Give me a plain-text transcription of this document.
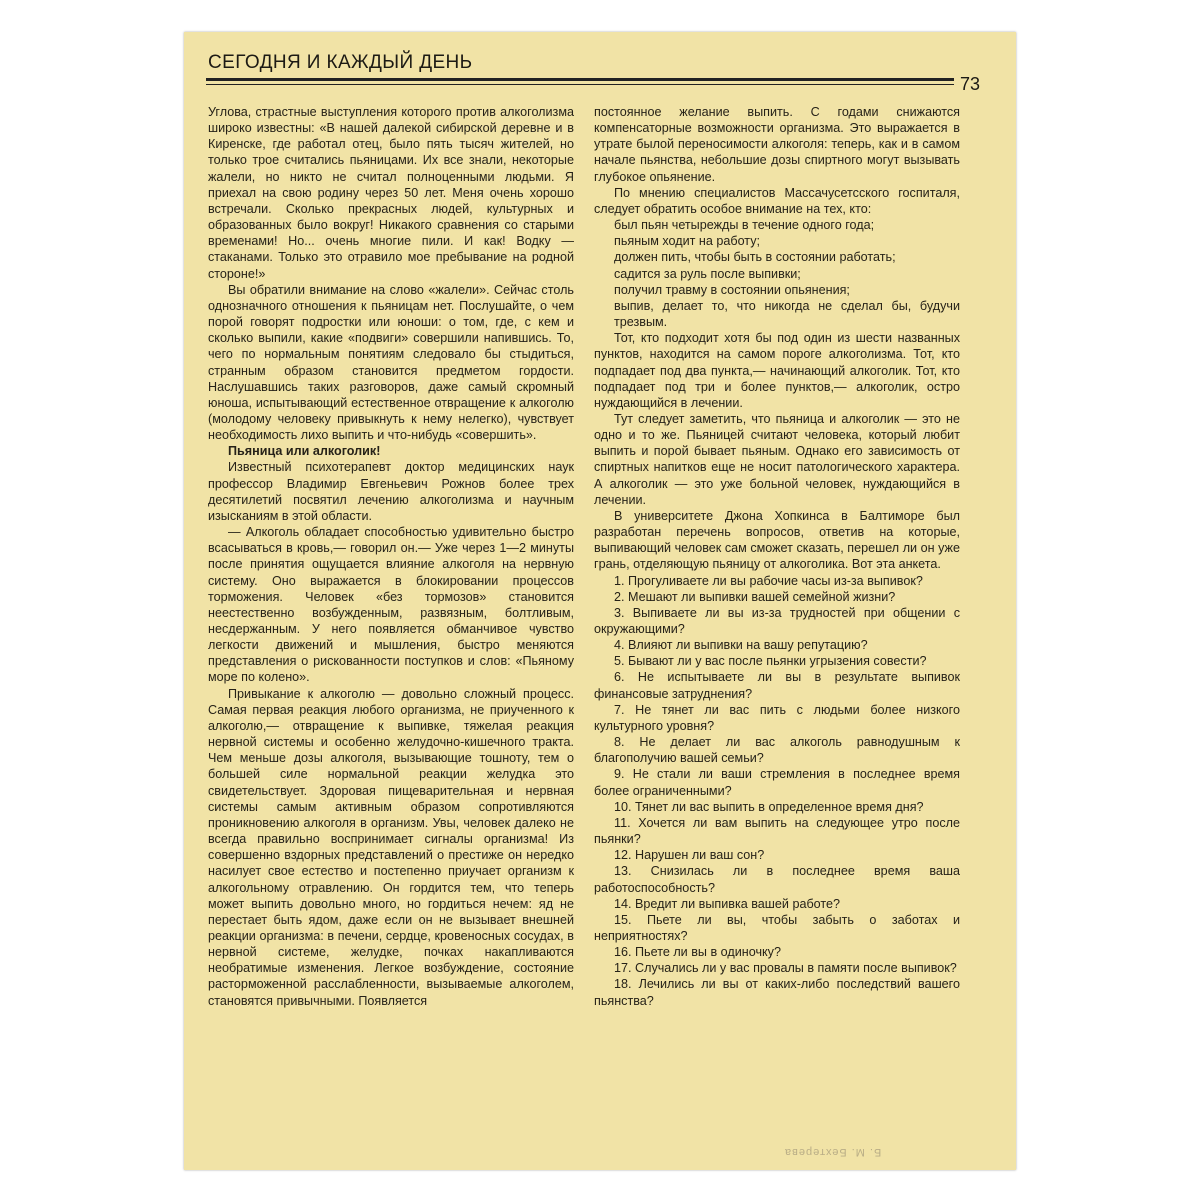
СЕГОДНЯ И КАЖДЫЙ ДЕНЬ
73

Углова, страстные выступления которого против алкоголизма широко известны: «В нашей далекой сибирской деревне и в Киренске, где работал отец, было пять тысяч жителей, но только трое считались пьяницами. Их все знали, некоторые жалели, но никто не считал полноценными людьми. Я приехал на свою родину через 50 лет. Меня очень хорошо встречали. Сколько прекрасных людей, культурных и образованных было вокруг! Никакого сравнения со старыми временами! Но... очень многие пили. И как! Водку — стаканами. Только это отравило мое пребывание на родной стороне!»

Вы обратили внимание на слово «жалели». Сейчас столь однозначного отношения к пьяницам нет. Послушайте, о чем порой говорят подростки или юноши: о том, где, с кем и сколько выпили, какие «подвиги» совершили напившись. То, чего по нормальным понятиям следовало бы стыдиться, странным образом становится предметом гордости. Наслушавшись таких разговоров, даже самый скромный юноша, испытывающий естественное отвращение к алкоголю (молодому человеку привыкнуть к нему нелегко), чувствует необходимость лихо выпить и что-нибудь «совершить».

Пьяница или алкоголик!

Известный психотерапевт доктор медицинских наук профессор Владимир Евгеньевич Рожнов более трех десятилетий посвятил лечению алкоголизма и научным изысканиям в этой области.

— Алкоголь обладает способностью удивительно быстро всасываться в кровь,— говорил он.— Уже через 1—2 минуты после принятия ощущается влияние алкоголя на нервную систему. Оно выражается в блокировании процессов торможения. Человек «без тормозов» становится неестественно возбужденным, развязным, болтливым, несдержанным. У него появляется обманчивое чувство легкости движений и мышления, быстро меняются представления о рискованности поступков и слов: «Пьяному море по колено».

Привыкание к алкоголю — довольно сложный процесс. Самая первая реакция любого организма, не приученного к алкоголю,— отвращение к выпивке, тяжелая реакция нервной системы и особенно желудочно-кишечного тракта. Чем меньше дозы алкоголя, вызывающие тошноту, тем о большей силе нормальной реакции желудка это свидетельствует. Здоровая пищеварительная и нервная системы самым активным образом сопротивляются проникновению алкоголя в организм. Увы, человек далеко не всегда правильно воспринимает сигналы организма! Из совершенно вздорных представлений о престиже он нередко насилует свое естество и постепенно приучает организм к алкогольному отравлению. Он гордится тем, что теперь может выпить довольно много, но гордиться нечем: яд не перестает быть ядом, даже если он не вызывает внешней реакции организма: в печени, сердце, кровеносных сосудах, в нервной системе, желудке, почках накапливаются необратимые изменения. Легкое возбуждение, состояние расторможенной расслабленности, вызываемые алкоголем, становятся привычными. Появляется

постоянное желание выпить. С годами снижаются компенсаторные возможности организма. Это выражается в утрате былой переносимости алкоголя: теперь, как и в самом начале пьянства, небольшие дозы спиртного могут вызывать глубокое опьянение.

По мнению специалистов Массачусетсского госпиталя, следует обратить особое внимание на тех, кто:

был пьян четырежды в течение одного года;

пьяным ходит на работу;

должен пить, чтобы быть в состоянии работать;

садится за руль после выпивки;

получил травму в состоянии опьянения;

выпив, делает то, что никогда не сделал бы, будучи трезвым.

Тот, кто подходит хотя бы под один из шести названных пунктов, находится на самом пороге алкоголизма. Тот, кто подпадает под два пункта,— начинающий алкоголик. Тот, кто подпадает под три и более пунктов,— алкоголик, остро нуждающийся в лечении.

Тут следует заметить, что пьяница и алкоголик — это не одно и то же. Пьяницей считают человека, который любит выпить и порой бывает пьяным. Однако его зависимость от спиртных напитков еще не носит патологического характера. А алкоголик — это уже больной человек, нуждающийся в лечении.

В университете Джона Хопкинса в Балтиморе был разработан перечень вопросов, ответив на которые, выпивающий человек сам сможет сказать, перешел ли он уже грань, отделяющую пьяницу от алкоголика. Вот эта анкета.

1. Прогуливаете ли вы рабочие часы из-за выпивок?

2. Мешают ли выпивки вашей семейной жизни?

3. Выпиваете ли вы из-за трудностей при общении с окружающими?

4. Влияют ли выпивки на вашу репутацию?

5. Бывают ли у вас после пьянки угрызения совести?

6. Не испытываете ли вы в результате выпивок финансовые затруднения?

7. Не тянет ли вас пить с людьми более низкого культурного уровня?

8. Не делает ли вас алкоголь равнодушным к благополучию вашей семьи?

9. Не стали ли ваши стремления в последнее время более ограниченными?

10. Тянет ли вас выпить в определенное время дня?

11. Хочется ли вам выпить на следующее утро после пьянки?

12. Нарушен ли ваш сон?

13. Снизилась ли в последнее время ваша работоспособность?

14. Вредит ли выпивка вашей работе?

15. Пьете ли вы, чтобы забыть о заботах и неприятностях?

16. Пьете ли вы в одиночку?

17. Случались ли у вас провалы в памяти после выпивок?

18. Лечились ли вы от каких-либо последствий вашего пьянства?

Б. М. Бехтерева
